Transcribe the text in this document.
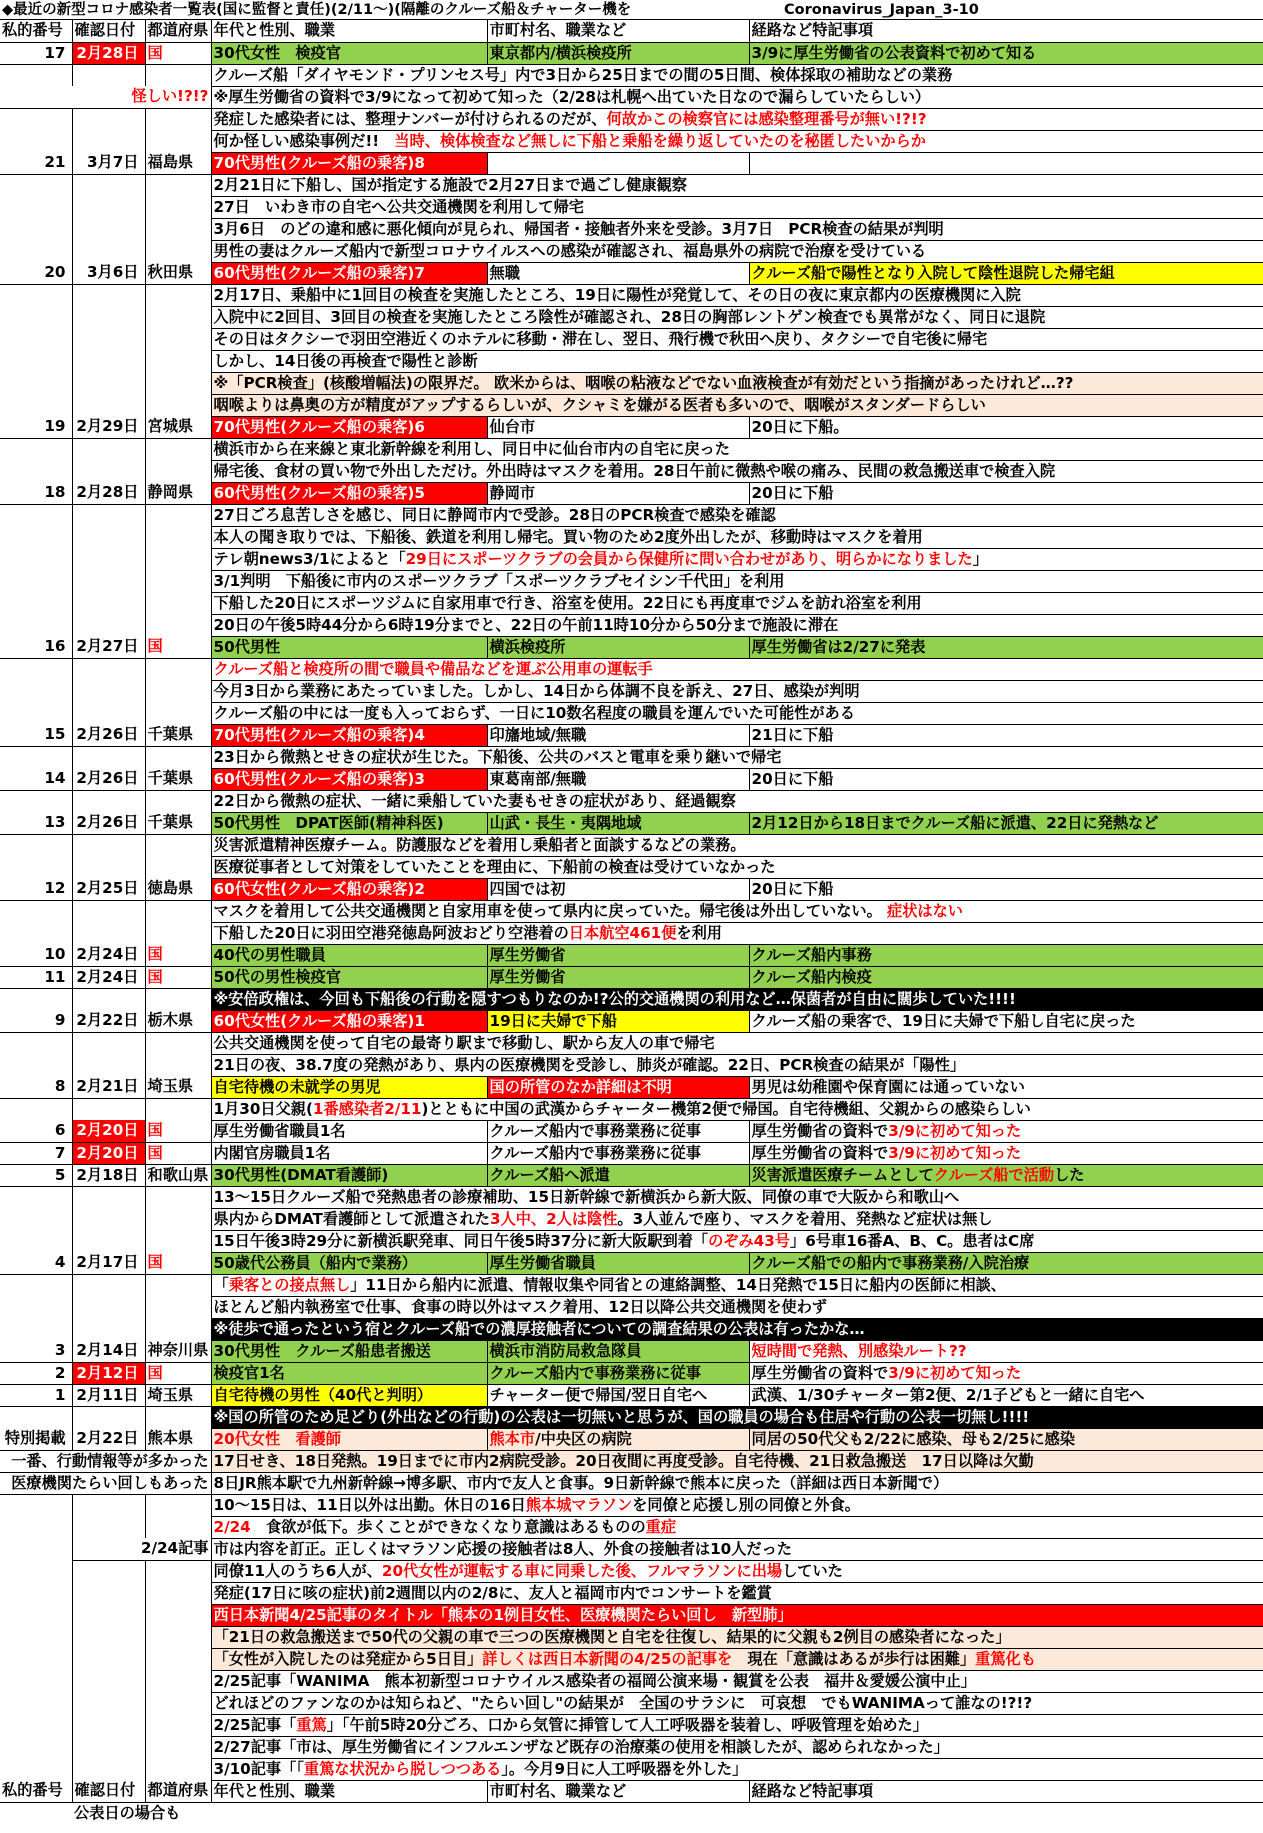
◆最近の新型コロナ感染者一覧表(国に監督と責任)(2/11～)(隔離のクルーズ船＆チャーター機を	Coronavirus_Japan_3-10
私的番号	確認日付	都道府県	年代と性別、職業	市町村名、職業など	経路など特記事項
17	2月28日	国	30代女性　検疫官	東京都内/横浜検疫所	3/9に厚生労働省の公表資料で初めて知る
			クルーズ船「ダイヤモンド・プリンセス号」内で3日から25日までの間の5日間、検体採取の補助などの業務		
怪しい!?!?			※厚生労働省の資料で3/9になって初めて知った（2/28は札幌へ出ていた日なので漏らしていたらしい）		
			発症した感染者には、整理ナンバーが付けられるのだが、何故かこの検察官には感染整理番号が無い!?!?		
			何か怪しい感染事例だ!!　当時、検体検査など無しに下船と乗船を繰り返していたのを秘匿したいからか		
21	3月7日	福島県	70代男性(クルーズ船の乗客)8		
			2月21日に下船し、国が指定する施設で2月27日まで過ごし健康観察		
			27日　いわき市の自宅へ公共交通機関を利用して帰宅		
			3月6日　のどの違和感に悪化傾向が見られ、帰国者・接触者外来を受診。3月7日　PCR検査の結果が判明		
			男性の妻はクルーズ船内で新型コロナウイルスへの感染が確認され、福島県外の病院で治療を受けている		
20	3月6日	秋田県	60代男性(クルーズ船の乗客)7	無職	クルーズ船で陽性となり入院して陰性退院した帰宅組
			2月17日、乗船中に1回目の検査を実施したところ、19日に陽性が発覚して、その日の夜に東京都内の医療機関に入院		
			入院中に2回目、3回目の検査を実施したところ陰性が確認され、28日の胸部レントゲン検査でも異常がなく、同日に退院		
			その日はタクシーで羽田空港近くのホテルに移動・滞在し、翌日、飛行機で秋田へ戻り、タクシーで自宅後に帰宅		
			しかし、14日後の再検査で陽性と診断		
			※「PCR検査」(核酸増幅法)の限界だ。 欧米からは、咽喉の粘液などでない血液検査が有効だという指摘があったけれど…??		
			咽喉よりは鼻奥の方が精度がアップするらしいが、クシャミを嫌がる医者も多いので、咽喉がスタンダードらしい		
19	2月29日	宮城県	70代男性(クルーズ船の乗客)6	仙台市	20日に下船。
			横浜市から在来線と東北新幹線を利用し、同日中に仙台市内の自宅に戻った		
			帰宅後、食材の買い物で外出しただけ。外出時はマスクを着用。28日午前に微熱や喉の痛み、民間の救急搬送車で検査入院		
18	2月28日	静岡県	60代男性(クルーズ船の乗客)5	静岡市	20日に下船
			27日ごろ息苦しさを感じ、同日に静岡市内で受診。28日のPCR検査で感染を確認		
			本人の聞き取りでは、下船後、鉄道を利用し帰宅。買い物のため2度外出したが、移動時はマスクを着用		
			テレ朝news3/1によると「29日にスポーツクラブの会員から保健所に問い合わせがあり、明らかになりました」		
			3/1判明　下船後に市内のスポーツクラブ「スポーツクラブセイシン千代田」を利用		
			下船した20日にスポーツジムに自家用車で行き、浴室を使用。22日にも再度車でジムを訪れ浴室を利用		
			20日の午後5時44分から6時19分までと、22日の午前11時10分から50分まで施設に滞在		
16	2月27日	国	50代男性	横浜検疫所	厚生労働省は2/27に発表
			クルーズ船と検疫所の間で職員や備品などを運ぶ公用車の運転手		
			今月3日から業務にあたっていました。しかし、14日から体調不良を訴え、27日、感染が判明		
			クルーズ船の中には一度も入っておらず、一日に10数名程度の職員を運んでいた可能性がある		
15	2月26日	千葉県	70代男性(クルーズ船の乗客)4	印旛地域/無職	21日に下船
			23日から微熱とせきの症状が生じた。下船後、公共のバスと電車を乗り継いで帰宅		
14	2月26日	千葉県	60代男性(クルーズ船の乗客)3	東葛南部/無職	20日に下船
			22日から微熱の症状、一緒に乗船していた妻もせきの症状があり、経過観察		
13	2月26日	千葉県	50代男性　DPAT医師(精神科医)	山武・長生・夷隅地域	2月12日から18日までクルーズ船に派遣、22日に発熱など
			災害派遣精神医療チーム。防護服などを着用し乗船者と面談するなどの業務。		
			医療従事者として対策をしていたことを理由に、下船前の検査は受けていなかった		
12	2月25日	徳島県	60代女性(クルーズ船の乗客)2	四国では初	20日に下船
			マスクを着用して公共交通機関と自家用車を使って県内に戻っていた。帰宅後は外出していない。 症状はない		
			下船した20日に羽田空港発徳島阿波おどり空港着の日本航空461便を利用		
10	2月24日	国	40代の男性職員	厚生労働省	クルーズ船内事務
11	2月24日	国	50代の男性検疫官	厚生労働省	クルーズ船内検疫
			※安倍政権は、今回も下船後の行動を隠すつもりなのか!?公的交通機関の利用など…保菌者が自由に闊歩していた!!!!		
9	2月22日	栃木県	60代女性(クルーズ船の乗客)1	19日に夫婦で下船	クルーズ船の乗客で、19日に夫婦で下船し自宅に戻った
			公共交通機関を使って自宅の最寄り駅まで移動し、駅から友人の車で帰宅		
			21日の夜、38.7度の発熱があり、県内の医療機関を受診し、肺炎が確認。22日、PCR検査の結果が「陽性」		
8	2月21日	埼玉県	自宅待機の未就学の男児	国の所管のなか詳細は不明	男児は幼稚園や保育園には通っていない
			1月30日父親(1番感染者2/11)とともに中国の武漢からチャーター機第2便で帰国。自宅待機組、父親からの感染らしい		
6	2月20日	国	厚生労働省職員1名	クルーズ船内で事務業務に従事	厚生労働省の資料で3/9に初めて知った
7	2月20日	国	内閣官房職員1名	クルーズ船内で事務業務に従事	厚生労働省の資料で3/9に初めて知った
5	2月18日	和歌山県	30代男性(DMAT看護師)	クルーズ船へ派遣	災害派遣医療チームとしてクルーズ船で活動した
			13～15日クルーズ船で発熱患者の診療補助、15日新幹線で新横浜から新大阪、同僚の車で大阪から和歌山へ		
			県内からDMAT看護師として派遣された3人中、2人は陰性。3人並んで座り、マスクを着用、発熱など症状は無し		
			15日午後3時29分に新横浜駅発車、同日午後5時37分に新大阪駅到着「のぞみ43号」6号車16番A、B、C。患者はC席		
4	2月17日	国	50歳代公務員（船内で業務）	厚生労働省職員	クルーズ船での船内で事務業務/入院治療
			「乗客との接点無し」11日から船内に派遣、情報収集や同省との連絡調整、14日発熱で15日に船内の医師に相談、		
			ほとんど船内執務室で仕事、食事の時以外はマスク着用、12日以降公共交通機関を使わず		
			※徒歩で通ったという宿とクルーズ船での濃厚接触者についての調査結果の公表は有ったかな…		
3	2月14日	神奈川県	30代男性　クルーズ船患者搬送	横浜市消防局救急隊員	短時間で発熱、別感染ルート??
2	2月12日	国	検疫官1名	クルーズ船内で事務業務に従事	厚生労働省の資料で3/9に初めて知った
1	2月11日	埼玉県	自宅待機の男性（40代と判明）	チャーター便で帰国/翌日自宅へ	武漢、1/30チャーター第2便、2/1子どもと一緒に自宅へ
			※国の所管のため足どり(外出などの行動)の公表は一切無いと思うが、国の職員の場合も住居や行動の公表一切無し!!!!		
特別掲載	2月22日	熊本県	20代女性　看護師	熊本市/中央区の病院	同居の50代父も2/22に感染、母も2/25に感染
一番、行動情報等が多かった			17日せき、18日発熱。19日までに市内2病院受診。20日夜間に再度受診。自宅待機、21日救急搬送　17日以降は欠勤		
医療機関たらい回しもあった			8日JR熊本駅で九州新幹線→博多駅、市内で友人と食事。9日新幹線で熊本に戻った（詳細は西日本新聞で）		
			10～15日は、11日以外は出勤。休日の16日熊本城マラソンを同僚と応援し別の同僚と外食。		
			2/24　食欲が低下。歩くことができなくなり意識はあるものの重症		
	2/24記事		市は内容を訂正。正しくはマラソン応援の接触者は8人、外食の接触者は10人だった		
			同僚11人のうち6人が、20代女性が運転する車に同乗した後、フルマラソンに出場していた		
			発症(17日に咳の症状)前2週間以内の2/8に、友人と福岡市内でコンサートを鑑賞		
			西日本新聞4/25記事のタイトル「熊本の1例目女性、医療機関たらい回し　新型肺」		
			「21日の救急搬送まで50代の父親の車で三つの医療機関と自宅を往復し、結果的に父親も2例目の感染者になった」		
			「女性が入院したのは発症から5日目」詳しくは西日本新聞の4/25の記事を　現在「意識はあるが歩行は困難」重篤化も		
			2/25記事「WANIMA　熊本初新型コロナウイルス感染者の福岡公演来場・観賞を公表　福井＆愛媛公演中止」		
			どれほどのファンなのかは知らねど、"たらい回し"の結果が　全国のサラシに　可哀想　でもWANIMAって誰なの!?!?		
			2/25記事「重篤」「午前5時20分ごろ、口から気管に挿管して人工呼吸器を装着し、呼吸管理を始めた」		
			2/27記事「市は、厚生労働省にインフルエンザなど既存の治療薬の使用を相談したが、認められなかった」		
			3/10記事「「重篤な状況から脱しつつある」。今月9日に人工呼吸器を外した」		
私的番号	確認日付	都道府県	年代と性別、職業	市町村名、職業など	経路など特記事項
	公表日の場合も				
